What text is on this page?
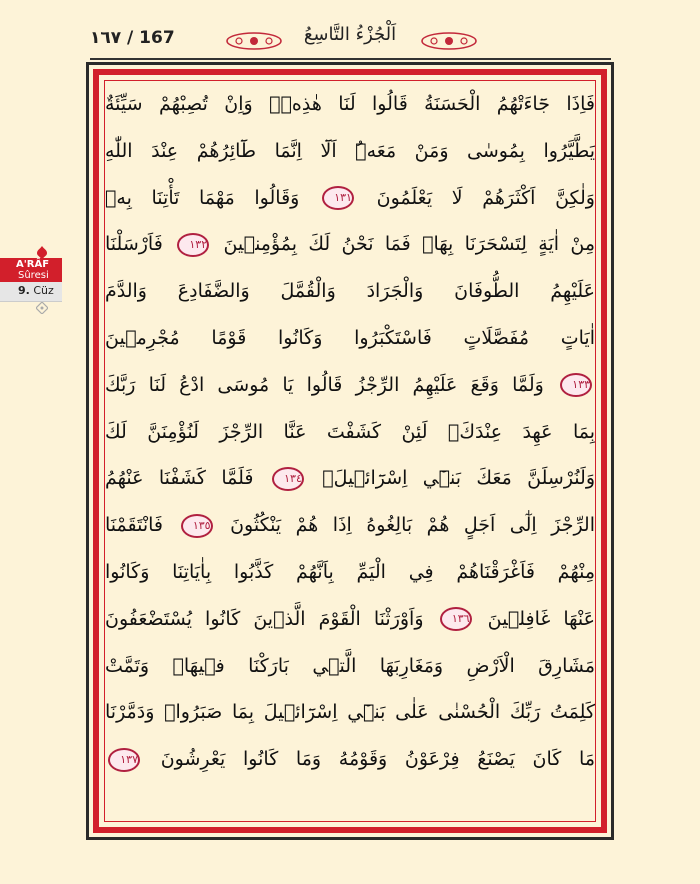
١٦٧ / 167	اَلْجُزْءُ التَّاسِعُ
A'RÂF
Sûresi
9. Cüz
فَاِذَا جَٓاءَتْهُمُ الْحَسَنَةُ قَالُوا لَنَا هٰذِهٖۚ وَاِنْ تُصِبْهُمْ سَيِّئَةٌ
يَطَّيَّرُوا بِمُوسٰى وَمَنْ مَعَهُۜ اَلَٓا اِنَّمَا طَٓائِرُهُمْ عِنْدَ اللّٰهِ
وَلٰكِنَّ اَكْثَرَهُمْ لَا يَعْلَمُونَ ١٣١ وَقَالُوا مَهْمَا تَأْتِنَا بِهٖ
مِنْ اٰيَةٍ لِتَسْحَرَنَا بِهَاۙ فَمَا نَحْنُ لَكَ بِمُؤْمِنٖينَ ١٣٢ فَاَرْسَلْنَا
عَلَيْهِمُ الطُّوفَانَ وَالْجَرَادَ وَالْقُمَّلَ وَالضَّفَادِعَ وَالدَّمَ
اٰيَاتٍ مُفَصَّلَاتٍ فَاسْتَكْبَرُوا وَكَانُوا قَوْمًا مُجْرِمٖينَ
١٣٣ وَلَمَّا وَقَعَ عَلَيْهِمُ الرِّجْزُ قَالُوا يَا مُوسَى ادْعُ لَنَا رَبَّكَ
بِمَا عَهِدَ عِنْدَكَۚ لَئِنْ كَشَفْتَ عَنَّا الرِّجْزَ لَنُؤْمِنَنَّ لَكَ
وَلَنُرْسِلَنَّ مَعَكَ بَنٖٓي اِسْرَٓائٖيلَۚ ١٣٤ فَلَمَّا كَشَفْنَا عَنْهُمُ
الرِّجْزَ اِلٰٓى اَجَلٍ هُمْ بَالِغُوهُ اِذَا هُمْ يَنْكُثُونَ ١٣٥ فَانْتَقَمْنَا
مِنْهُمْ فَاَغْرَقْنَاهُمْ فِي الْيَمِّ بِاَنَّهُمْ كَذَّبُوا بِاٰيَاتِنَا وَكَانُوا
عَنْهَا غَافِلٖينَ ١٣٦ وَاَوْرَثْنَا الْقَوْمَ الَّذٖينَ كَانُوا يُسْتَضْعَفُونَ
مَشَارِقَ الْاَرْضِ وَمَغَارِبَهَا الَّتٖي بَارَكْنَا فٖيهَاۜ وَتَمَّتْ
كَلِمَتُ رَبِّكَ الْحُسْنٰى عَلٰى بَنٖٓي اِسْرَٓائٖيلَ بِمَا صَبَرُواۜ وَدَمَّرْنَا
مَا كَانَ يَصْنَعُ فِرْعَوْنُ وَقَوْمُهُ وَمَا كَانُوا يَعْرِشُونَ ١٣٧
